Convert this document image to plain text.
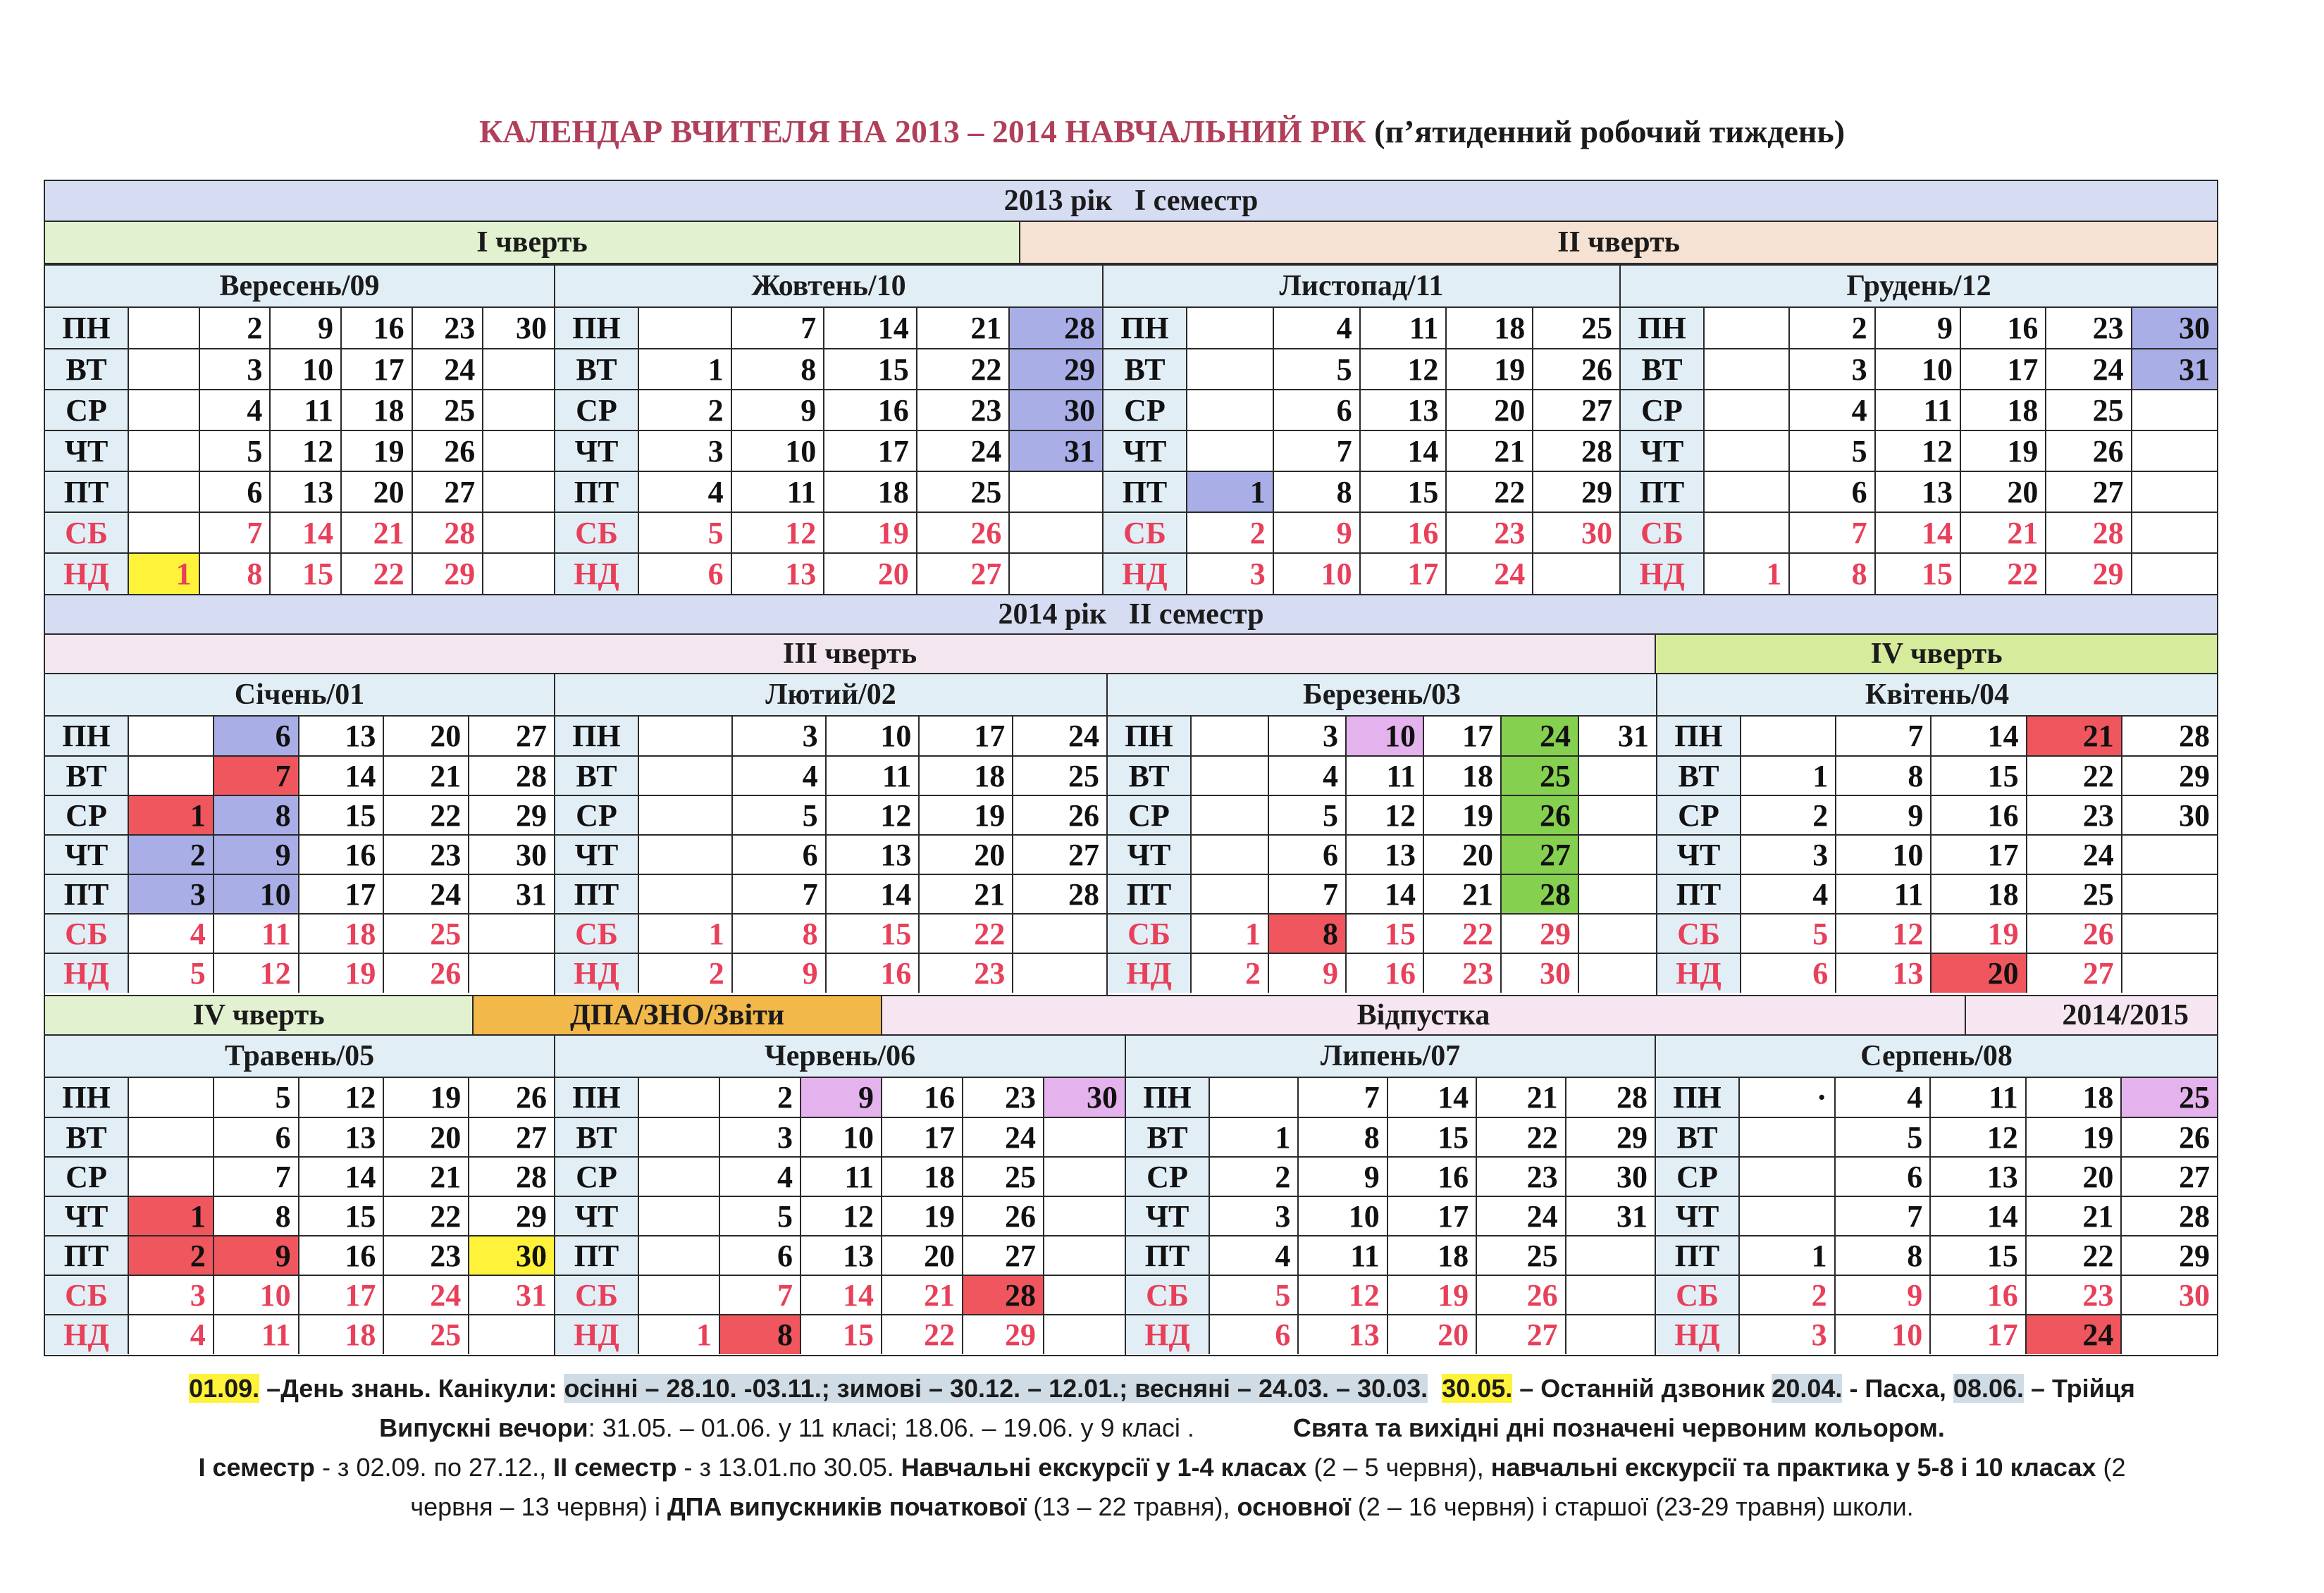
КАЛЕНДАР ВЧИТЕЛЯ НА 2013 – 2014 НАВЧАЛЬНИЙ РІК (п’ятиденний робочий тиждень)
2013 рік   I семестр
I чверть	II чверть
2014 рік   II семестр
III чверть	IV чверть
IV чверть	ДПА/ЗНО/Звіти	Відпустка	2014/2015
Вересень/09
ПН		2	9	16	23	30
ВТ		3	10	17	24	
СР		4	11	18	25	
ЧТ		5	12	19	26	
ПТ		6	13	20	27	
СБ		7	14	21	28	
НД	1	8	15	22	29	
Жовтень/10
ПН		7	14	21	28
ВТ	1	8	15	22	29
СР	2	9	16	23	30
ЧТ	3	10	17	24	31
ПТ	4	11	18	25	
СБ	5	12	19	26	
НД	6	13	20	27	
Листопад/11
ПН		4	11	18	25
ВТ		5	12	19	26
СР		6	13	20	27
ЧТ		7	14	21	28
ПТ	1	8	15	22	29
СБ	2	9	16	23	30
НД	3	10	17	24	
Грудень/12
ПН		2	9	16	23	30
ВТ		3	10	17	24	31
СР		4	11	18	25	
ЧТ		5	12	19	26	
ПТ		6	13	20	27	
СБ		7	14	21	28	
НД	1	8	15	22	29	
Січень/01
ПН		6	13	20	27
ВТ		7	14	21	28
СР	1	8	15	22	29
ЧТ	2	9	16	23	30
ПТ	3	10	17	24	31
СБ	4	11	18	25	
НД	5	12	19	26	
Лютий/02
ПН		3	10	17	24
ВТ		4	11	18	25
СР		5	12	19	26
ЧТ		6	13	20	27
ПТ		7	14	21	28
СБ	1	8	15	22	
НД	2	9	16	23	
Березень/03
ПН		3	10	17	24	31
ВТ		4	11	18	25	
СР		5	12	19	26	
ЧТ		6	13	20	27	
ПТ		7	14	21	28	
СБ	1	8	15	22	29	
НД	2	9	16	23	30	
Квітень/04
ПН		7	14	21	28
ВТ	1	8	15	22	29
СР	2	9	16	23	30
ЧТ	3	10	17	24	
ПТ	4	11	18	25	
СБ	5	12	19	26	
НД	6	13	20	27	
Травень/05
ПН		5	12	19	26
ВТ		6	13	20	27
СР		7	14	21	28
ЧТ	1	8	15	22	29
ПТ	2	9	16	23	30
СБ	3	10	17	24	31
НД	4	11	18	25	
Червень/06
ПН		2	9	16	23	30
ВТ		3	10	17	24	
СР		4	11	18	25	
ЧТ		5	12	19	26	
ПТ		6	13	20	27	
СБ		7	14	21	28	
НД	1	8	15	22	29	
Липень/07
ПН		7	14	21	28
ВТ	1	8	15	22	29
СР	2	9	16	23	30
ЧТ	3	10	17	24	31
ПТ	4	11	18	25	
СБ	5	12	19	26	
НД	6	13	20	27	
Серпень/08
ПН	·	4	11	18	25
ВТ		5	12	19	26
СР		6	13	20	27
ЧТ		7	14	21	28
ПТ	1	8	15	22	29
СБ	2	9	16	23	30
НД	3	10	17	24	
01.09. –День знань. Канікули: осінні – 28.10. -03.11.; зимові – 30.12. – 12.01.; весняні – 24.03. – 30.03. 30.05. – Останній дзвоник 20.04. - Пасха, 08.06. – Трійця
Випускні вечори: 31.05. – 01.06. у 11 класі; 18.06. – 19.06. у 9 класі .	Свята та вихідні дні позначені червоним кольором.
I семестр - з 02.09. по 27.12., II семестр - з 13.01.по 30.05. Навчальні екскурсії у 1-4 класах (2 – 5 червня), навчальні екскурсії та практика у 5-8 і 10 класах (2
червня – 13 червня) і ДПА випускників початкової (13 – 22 травня), основної (2 – 16 червня) і старшої (23-29 травня) школи.
